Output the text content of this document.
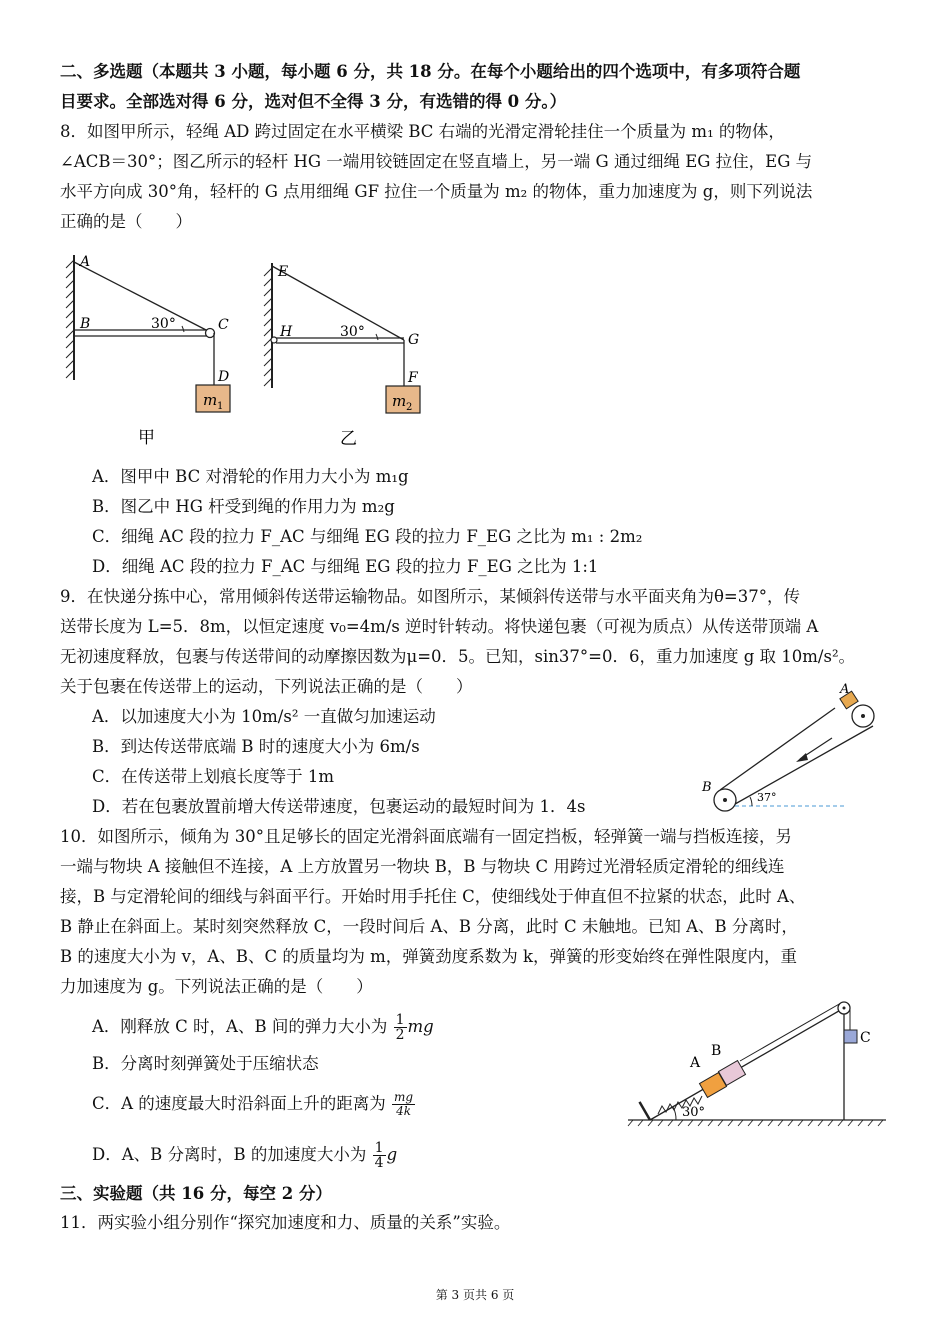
二、多选题（本题共 3 小题，每小题 6 分，共 18 分。在每个小题给出的四个选项中，有多项符合题
目要求。全部选对得 6 分，选对但不全得 3 分，有选错的得 0 分。）
8．如图甲所示，轻绳 AD 跨过固定在水平横梁 BC 右端的光滑定滑轮挂住一个质量为 m₁ 的物体，
∠ACB＝30°；图乙所示的轻杆 HG 一端用铰链固定在竖直墙上，另一端 G 通过细绳 EG 拉住，EG 与
水平方向成 30°角，轻杆的 G 点用细绳 GF 拉住一个质量为 m₂ 的物体，重力加速度为 g，则下列说法
正确的是（　　）
A
B	C
D
30°
m 1
甲
E
H	G
F
30°
m 2
乙
A．图甲中 BC 对滑轮的作用力大小为 m₁g
B．图乙中 HG 杆受到绳的作用力为 m₂g
C．细绳 AC 段的拉力 F_AC 与细绳 EG 段的拉力 F_EG 之比为 m₁ : 2m₂
D．细绳 AC 段的拉力 F_AC 与细绳 EG 段的拉力 F_EG 之比为 1:1
9．在快递分拣中心，常用倾斜传送带运输物品。如图所示，某倾斜传送带与水平面夹角为θ=37°，传
送带长度为 L=5．8m，以恒定速度 v₀=4m/s 逆时针转动。将快递包裹（可视为质点）从传送带顶端 A
无初速度释放，包裹与传送带间的动摩擦因数为μ=0．5。已知，sin37°=0．6，重力加速度 g 取 10m/s²。
关于包裹在传送带上的运动，下列说法正确的是（　　）
A．以加速度大小为 10m/s² 一直做匀加速运动
B．到达传送带底端 B 时的速度大小为 6m/s
C．在传送带上划痕长度等于 1m
D．若在包裹放置前增大传送带速度，包裹运动的最短时间为 1．4s
A
B
37°
10．如图所示，倾角为 30°且足够长的固定光滑斜面底端有一固定挡板，轻弹簧一端与挡板连接，另
一端与物块 A 接触但不连接，A 上方放置另一物块 B，B 与物块 C 用跨过光滑轻质定滑轮的细线连
接，B 与定滑轮间的细线与斜面平行。开始时用手托住 C，使细线处于伸直但不拉紧的状态，此时 A、
B 静止在斜面上。某时刻突然释放 C，一段时间后 A、B 分离，此时 C 未触地。已知 A、B 分离时，
B 的速度大小为 v，A、B、C 的质量均为 m，弹簧劲度系数为 k，弹簧的形变始终在弹性限度内，重
力加速度为 g。下列说法正确的是（　　）
A．刚释放 C 时，A、B 间的弹力大小为 $\frac{1}{2}$ mg
B．分离时刻弹簧处于压缩状态
C．A 的速度最大时沿斜面上升的距离为 $\frac{mg}{4k}$
D．A、B 分离时，B 的加速度大小为 $\frac{1}{4}$ g
A
B
C
30°
三、实验题（共 16 分，每空 2 分）
11．两实验小组分别作“探究加速度和力、质量的关系”实验。
第 3 页共 6 页
